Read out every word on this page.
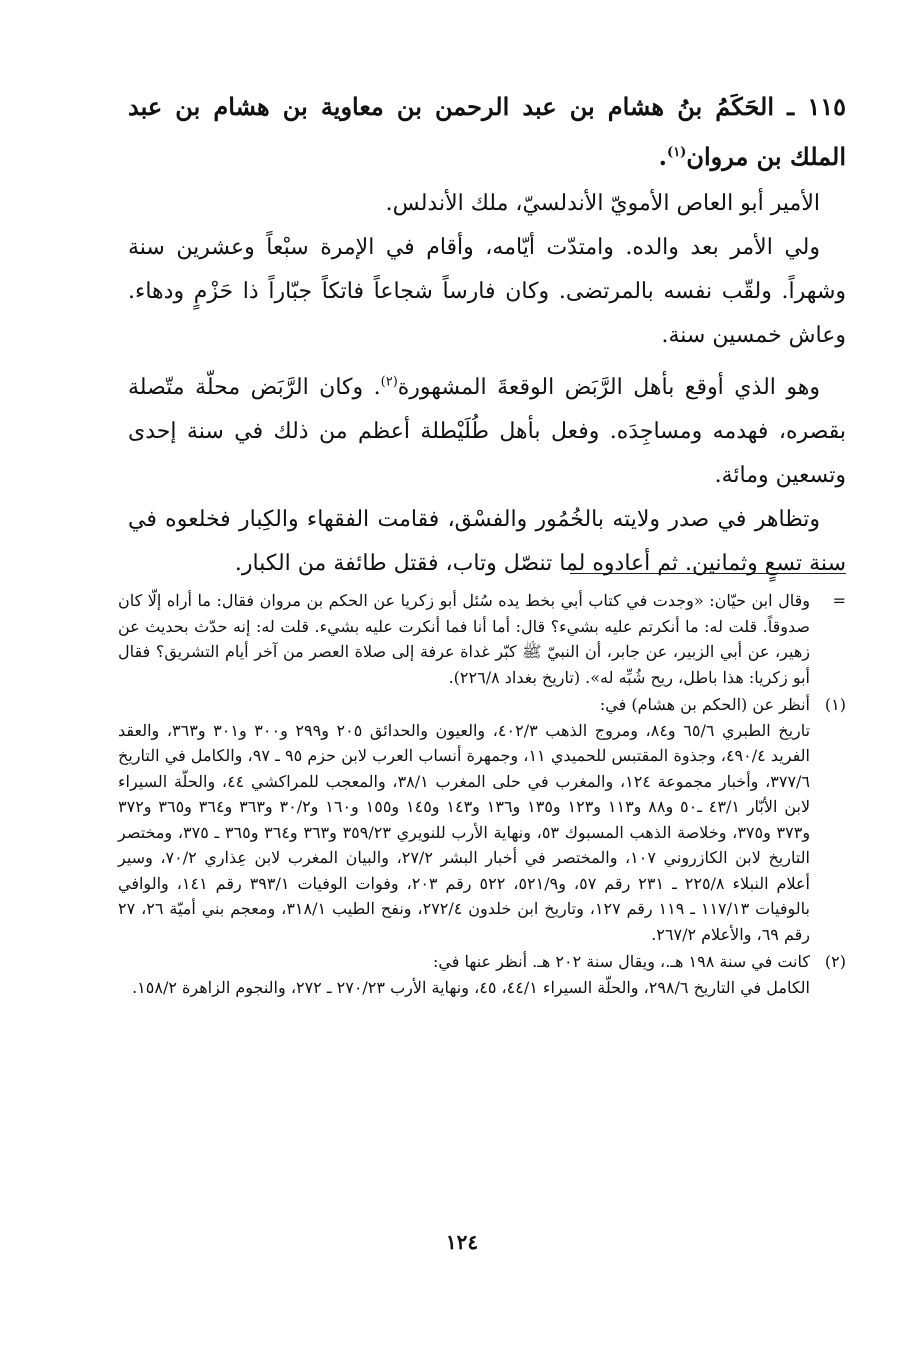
١١٥ ـ الحَكَمُ بنُ هشام بن عبد الرحمن بن معاوية بن هشام بن عبد الملك بن مروان$^{(١)}$.

الأمير أبو العاص الأمويّ الأندلسيّ، ملك الأندلس.

ولي الأمر بعد والده. وامتدّت أيّامه، وأقام في الإمرة سبْعاً وعشرين سنة وشهراً. ولقّب نفسه بالمرتضى. وكان فارساً شجاعاً فاتكاً جبّاراً ذا حَزْمٍ ودهاء. وعاش خمسين سنة.

وهو الذي أوقع بأهل الرَّبَض الوقعةَ المشهورة$^{(٢)}$. وكان الرَّبَض محلّة متّصلة بقصره، فهدمه ومساجِدَه. وفعل بأهل طُلَيْطلة أعظم من ذلك في سنة إحدى وتسعين ومائة.

وتظاهر في صدر ولايته بالخُمُور والفسْق، فقامت الفقهاء والكِبار فخلعوه في سنة تسعٍ وثمانين. ثم أعادوه لما تنصّل وتاب، فقتل طائفة من الكبار.

=

وقال ابن حيّان: «وجدت في كتاب أبي بخط يده سُئل أبو زكريا عن الحكم بن مروان فقال: ما أراه إلّا كان صدوقاً. قلت له: ما أنكرتم عليه بشيء؟ قال: أما أنا فما أنكرت عليه بشيء. قلت له: إنه حدّث بحديث عن زهير، عن أبي الزبير، عن جابر، أن النبيّ ﷺ كبّر غداة عرفة إلى صلاة العصر من آخر أيام التشريق؟ فقال أبو زكريا: هذا باطل، ريح شُبِّه له». (تاريخ بغداد ٢٢٦/٨).

(١)

أنظر عن (الحكم بن هشام) في:

تاريخ الطبري ٦٥/٦ و٨٤، ومروج الذهب ٤٠٢/٣، والعيون والحدائق ٢٠٥ و٢٩٩ و٣٠٠ و٣٠١ و٣٦٣، والعقد الفريد ٤٩٠/٤، وجذوة المقتبس للحميدي ١١، وجمهرة أنساب العرب لابن حزم ٩٥ ـ ٩٧، والكامل في التاريخ ٣٧٧/٦، وأخبار مجموعة ١٢٤، والمغرب في حلى المغرب ٣٨/١، والمعجب للمراكشي ٤٤، والحلّة السيراء لابن الأبّار ٤٣/١ ـ٥٠ و٨٨ و١١٣ و١٢٣ و١٣٥ و١٣٦ و١٤٣ و١٤٥ و١٥٥ و١٦٠ و٣٠/٢ و٣٦٣ و٣٦٤ و٣٦٥ و٣٧٢ و٣٧٣ و٣٧٥، وخلاصة الذهب المسبوك ٥٣، ونهاية الأرب للنويري ٣٥٩/٢٣ و٣٦٣ و٣٦٤ و٣٦٥ ـ ٣٧٥، ومختصر التاريخ لابن الكازروني ١٠٧، والمختصر في أخبار البشر ٢٧/٢، والبيان المغرب لابن عِذاري ٧٠/٢، وسير أعلام النبلاء ٢٢٥/٨ ـ ٢٣١ رقم ٥٧، و٥٢١/٩، ٥٢٢ رقم ٢٠٣، وفوات الوفيات ٣٩٣/١ رقم ١٤١، والوافي بالوفيات ١١٧/١٣ ـ ١١٩ رقم ١٢٧، وتاريخ ابن خلدون ٢٧٢/٤، ونفح الطيب ٣١٨/١، ومعجم بني أميّة ٢٦، ٢٧ رقم ٦٩، والأعلام ٢٦٧/٢.

(٢)

كانت في سنة ١٩٨ هـ.، ويقال سنة ٢٠٢ هـ. أنظر عنها في:

الكامل في التاريخ ٢٩٨/٦، والحلّة السيراء ٤٤/١، ٤٥، ونهاية الأرب ٢٧٠/٢٣ ـ ٢٧٢، والنجوم الزاهرة ١٥٨/٢.

١٢٤
